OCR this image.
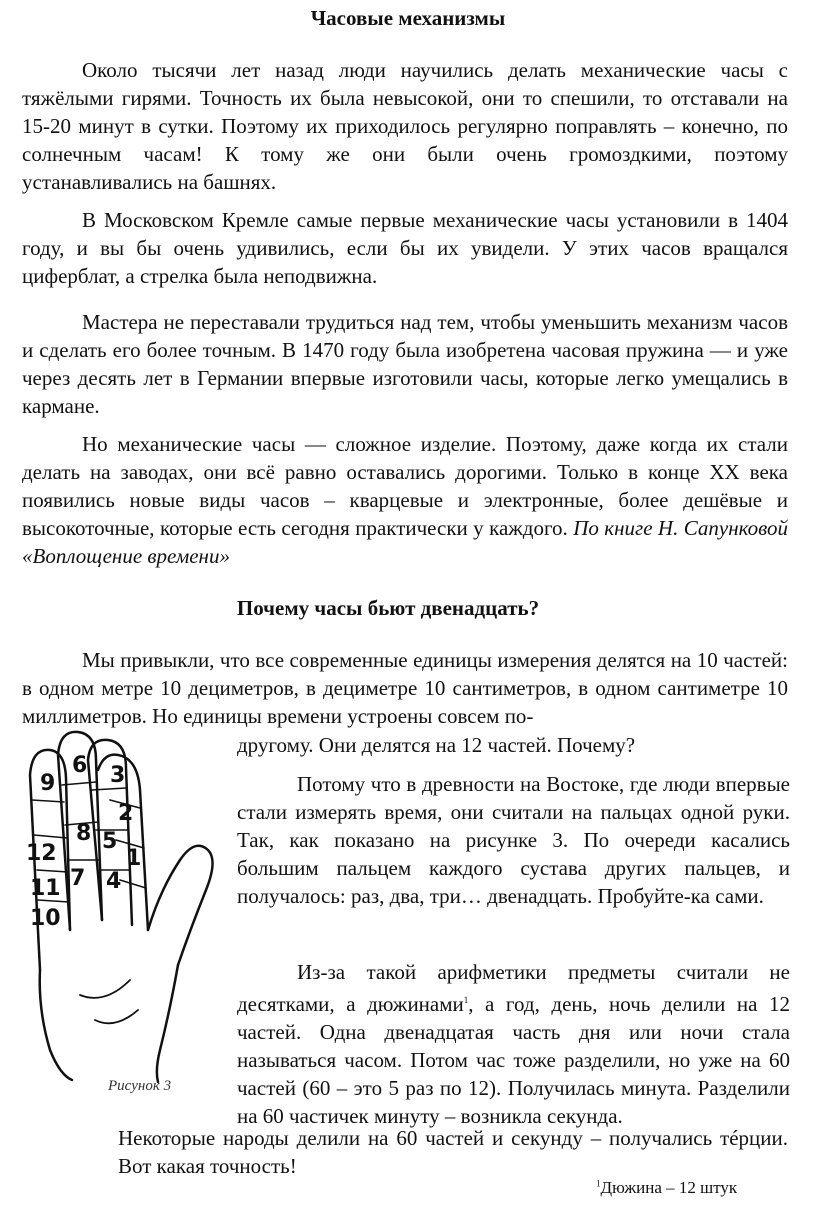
Часовые механизмы

Около тысячи лет назад люди научились делать механические часы с тяжёлыми гирями. Точность их была невысокой, они то спешили, то отставали на 15-20 минут в сутки. Поэтому их приходилось регулярно поправлять – конечно, по солнечным часам! К тому же они были очень громоздкими, поэтому устанавливались на башнях.

В Московском Кремле самые первые механические часы установили в 1404 году, и вы бы очень удивились, если бы их увидели. У этих часов вращался циферблат, а стрелка была неподвижна.

Мастера не переставали трудиться над тем, чтобы уменьшить механизм часов и сделать его более точным. В 1470 году была изобретена часовая пружина — и уже через десять лет в Германии впервые изготовили часы, которые легко умещались в кармане.

Но механические часы — сложное изделие. Поэтому, даже когда их стали делать на заводах, они всё равно оставались дорогими. Только в конце XX века появились новые виды часов – кварцевые и электронные, более дешёвые и высокоточные, которые есть сегодня практически у каждого. По книге Н. Сапунковой «Воплощение времени»

Почему часы бьют двенадцать?

Мы привыкли, что все современные единицы измерения делятся на 10 частей: в одном метре 10 дециметров, в дециметре 10 сантиметров, в одном сантиметре 10 миллиметров. Но единицы времени устроены совсем по-

другому. Они делятся на 12 частей. Почему?

Потому что в древности на Востоке, где люди впервые стали измерять время, они считали на пальцах одной руки. Так, как показано на рисунке 3. По очереди касались большим пальцем каждого сустава других пальцев, и получалось: раз, два, три… двенадцать. Пробуйте-ка сами.

Из-за такой арифметики предметы считали не десятками, а дюжинами$^1$, а год, день, ночь делили на 12 частей. Одна двенадцатая часть дня или ночи стала называться часом. Потом час тоже разделили, но уже на 60 частей (60 – это 5 раз по 12). Получилась минута. Разделили на 60 частичек минуту – возникла секунда.

Некоторые народы делили на 60 частей и секунду – получались тéрции. Вот какая точность!

1
2
3
4
5
6
7
8
9
10
11
12
Рисунок 3
$^1$Дюжина – 12 штук
